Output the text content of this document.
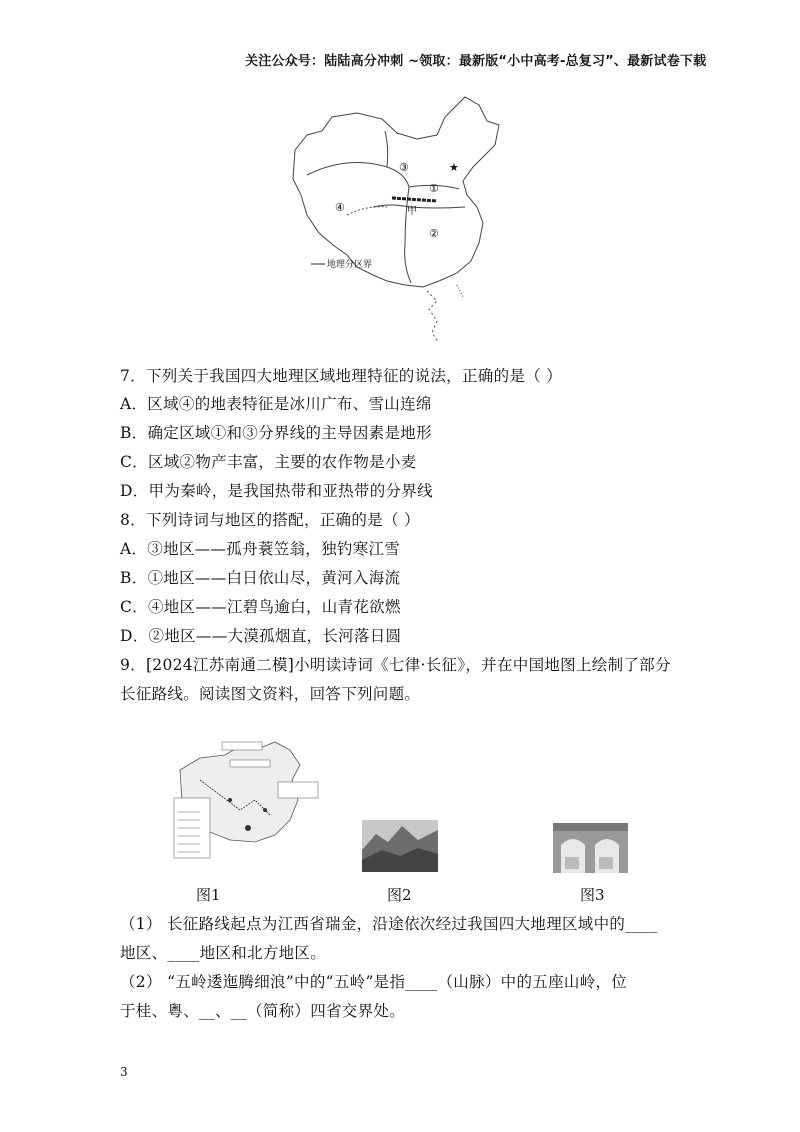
关注公众号：陆陆高分冲刺 ~领取：最新版“小中高考-总复习”、最新试卷下载
★
③
①
④	甲
②
地理分区界
7．下列关于我国四大地理区域地理特征的说法，正确的是（ ）
A．区域④的地表特征是冰川广布、雪山连绵
B．确定区域①和③分界线的主导因素是地形
C．区域②物产丰富，主要的农作物是小麦
D．甲为秦岭，是我国热带和亚热带的分界线
8．下列诗词与地区的搭配，正确的是（ ）
A．③地区——孤舟蓑笠翁，独钓寒江雪
B．①地区——白日依山尽，黄河入海流
C．④地区——江碧鸟逾白，山青花欲燃
D．②地区——大漠孤烟直，长河落日圆
9．[2024江苏南通二模]小明读诗词《七律·长征》，并在中国地图上绘制了部分长征路线。阅读图文资料，回答下列问题。
图1	图2	图3
（1） 长征路线起点为江西省瑞金，沿途依次经过我国四大地理区域中的____
地区、____地区和北方地区。
（2） “五岭逶迤腾细浪”中的“五岭”是指____（山脉）中的五座山岭，位
于桂、粤、__、__（简称）四省交界处。
3
